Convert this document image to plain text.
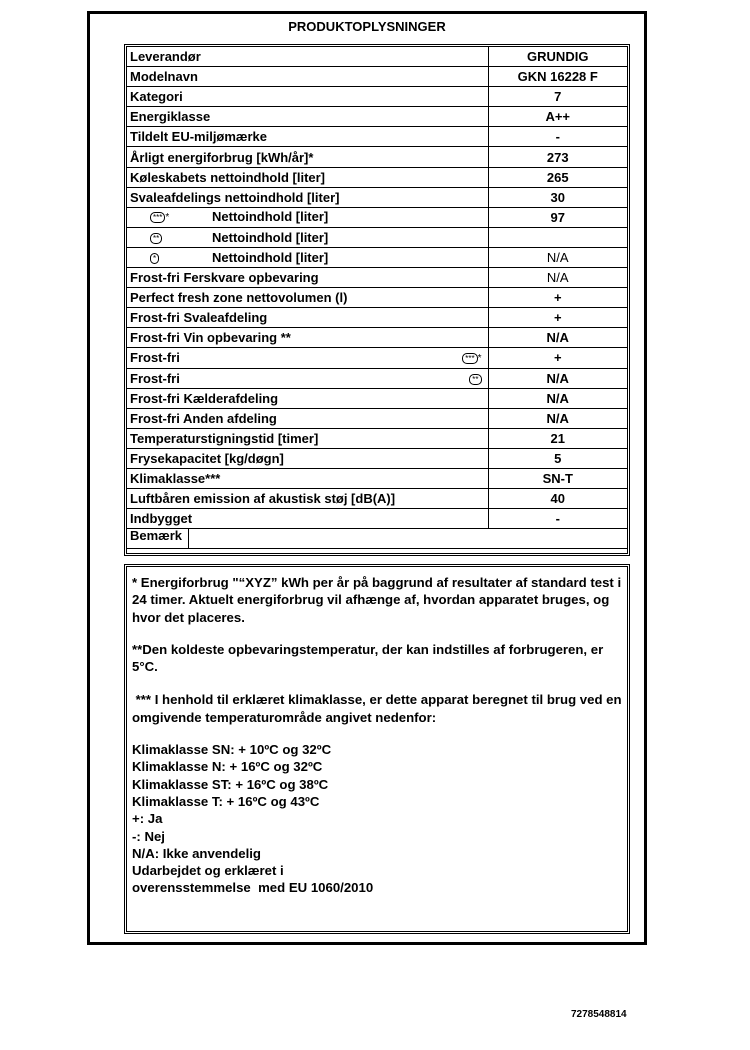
PRODUKTOPLYSNINGER
Leverandør	GRUNDIG
Modelnavn	GKN 16228 F
Kategori	7
Energiklasse	A++
Tildelt EU-miljømærke	-
Årligt energiforbrug [kWh/år]*	273
Køleskabets nettoindhold [liter]	265
Svaleafdelings nettoindhold [liter]	30
*** * Nettoindhold [liter]	97
** Nettoindhold [liter]	
* Nettoindhold [liter]	N/A
Frost-fri Ferskvare opbevaring	N/A
Perfect fresh zone nettovolumen (l)	+
Frost-fri Svaleafdeling	+
Frost-fri Vin opbevaring **	N/A
Frost-fri *** *	+
Frost-fri **	N/A
Frost-fri Kælderafdeling	N/A
Frost-fri Anden afdeling	N/A
Temperaturstigningstid [timer]	21
Frysekapacitet [kg/døgn]	5
Klimaklasse***	SN-T
Luftbåren emission af akustisk støj [dB(A)]	40
Indbygget	-
Bemærk	

* Energiforbrug "“XYZ” kWh per år på baggrund af resultater af standard test i 24 timer. Aktuelt energiforbrug vil afhænge af, hvordan apparatet bruges, og hvor det placeres.

**Den koldeste opbevaringstemperatur, der kan indstilles af forbrugeren, er 5°C.

*** I henhold til erklæret klimaklasse, er dette apparat beregnet til brug ved en omgivende temperaturområde angivet nedenfor:

Klimaklasse SN: + 10ºC og 32ºC

Klimaklasse N: + 16ºC og 32ºC

Klimaklasse ST: + 16ºC og 38ºC

Klimaklasse T: + 16ºC og 43ºC

+: Ja

-: Nej

N/A: Ikke anvendelig

Udarbejdet og erklæret i

overensstemmelse  med EU 1060/2010

7278548814
